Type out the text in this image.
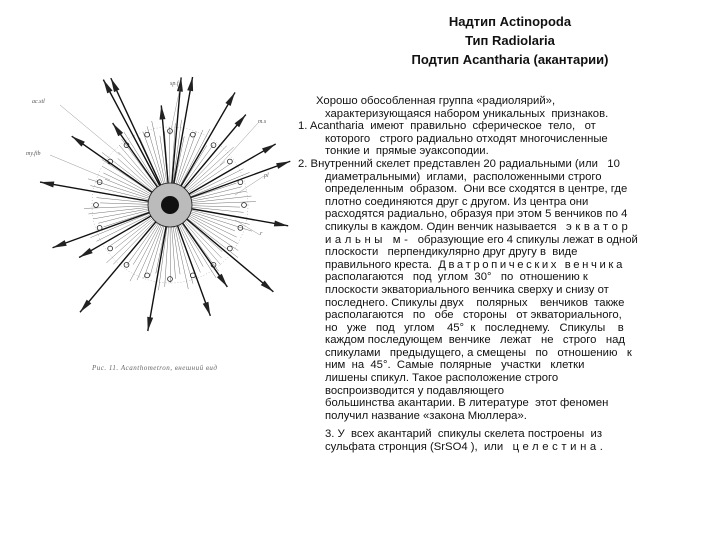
Надтип Actinopoda
Тип Radiolaria
Подтип Acantharia (акантарии)
ac.stl
sp.f
m.s
pl
my.fib
r
Рис. 11. Acanthometron, внешний вид
Хорошо обособленная группа «радиолярий»,
характеризующаяся набором уникальных  признаков.
1. Acantharia  имеют  правильно  сферическое  тело,   от
которого   строго радиально отходят многочисленные
тонкие и  прямые эуаксоподии.
2. Внутренний скелет представлен 20 радиальными (или   10
диаметральными)  иглами,  расположенными строго
определенным  образом.  Они все сходятся в центре, где
плотно соединяются друг с другом. Из центра они
расходятся радиально, образуя при этом 5 венчиков по 4
спикулы в каждом. Один венчик называется экватор
иальны м-  образующие его 4 спикулы лежат в одной
плоскости   перпендикулярно друг другу в  виде
правильного креста. Дватропических венчика
располагаются   под  углом  30°   по  отношению к
плоскости экваториального венчика сверху и снизу от
последнего. Спикулы двух    полярных    венчиков  также
располагаются   по   обе   стороны   от экваториального,
но   уже   под   углом    45°  к   последнему.   Спикулы    в
каждом последующем  венчике   лежат   не   строго   над
спикулами   предыдущего, а смещены   по   отношению   к
ним  на  45°.  Самые  полярные   участки   клетки
лишены спикул. Такое расположение строго
воспроизводится у подавляющего
большинства акантарии. В литературе  этот феномен
получил название «закона Мюллера».
3. У  всех акантарий  спикулы скелета построены  из
сульфата стронция (SrSO4 ),  или целестина.
